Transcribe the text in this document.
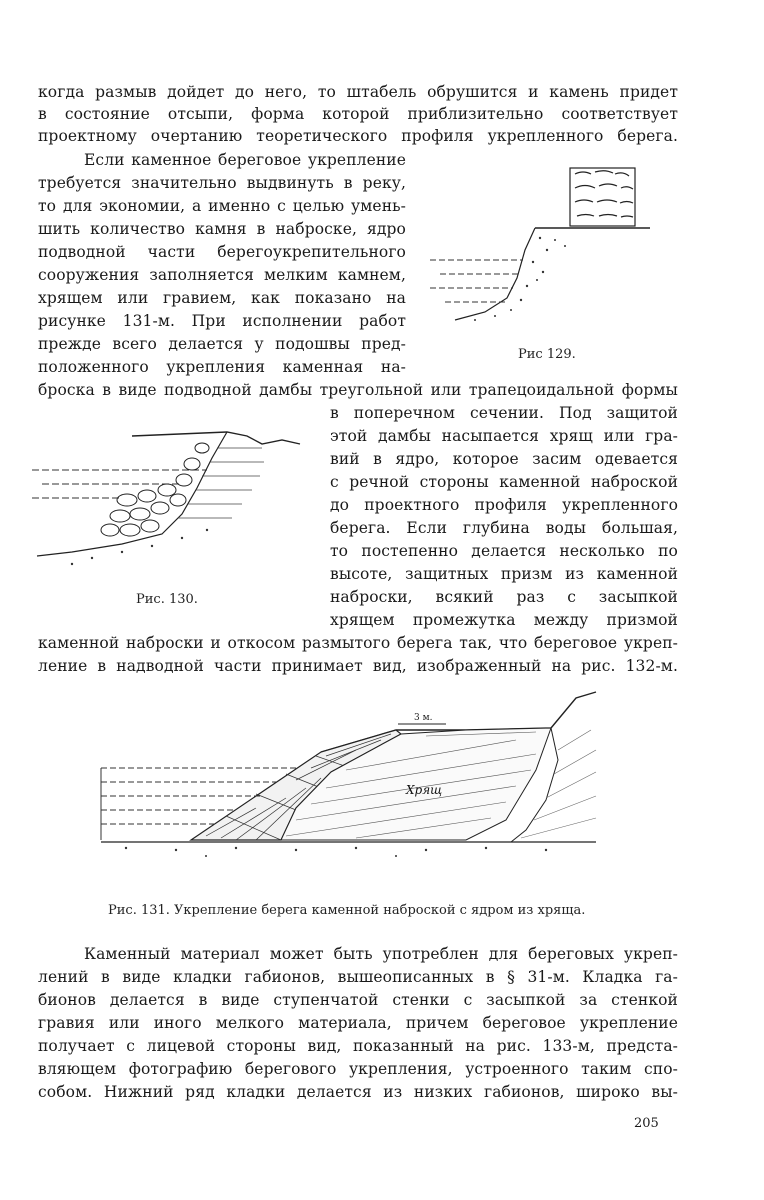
когда размыв дойдет до него, то штабель обрушится и камень придет
в состояние отсыпи, форма которой приблизительно соответствует
проектному очертанию теоретического профиля укрепленного берега.
Если каменное береговое укрепление
требуется значительно выдвинуть в реку,
то для экономии, а именно с целью умень-
шить количество камня в наброске, ядро
подводной части берегоукрепительного
сооружения заполняется мелким камнем,
хрящем или гравием, как показано на
рисунке 131-м. При исполнении работ
прежде всего делается у подошвы пред-
положенного укрепления каменная на-
броска в виде подводной дамбы треугольной или трапецоидальной формы
в поперечном сечении. Под защитой
этой дамбы насыпается хрящ или гра-
вий в ядро, которое засим одевается
с речной стороны каменной наброской
до проектного профиля укрепленного
берега. Если глубина воды большая,
то постепенно делается несколько по
высоте, защитных призм из каменной
наброски, всякий раз с засыпкой
хрящем промежутка между призмой
каменной наброски и откосом размытого берега так, что береговое укреп-
ление в надводной части принимает вид, изображенный на рис. 132-м.
Рис 129.
Рис. 130.
3 м.
Хрящ
Рис. 131. Укрепление берега каменной наброской с ядром из хряща.
Каменный материал может быть употреблен для береговых укреп-
лений в виде кладки габионов, вышеописанных в § 31-м. Кладка га-
бионов делается в виде ступенчатой стенки с засыпкой за стенкой
гравия или иного мелкого материала, причем береговое укрепление
получает с лицевой стороны вид, показанный на рис. 133-м, предста-
вляющем фотографию берегового укрепления, устроенного таким спо-
собом. Нижний ряд кладки делается из низких габионов, широко вы-
205
